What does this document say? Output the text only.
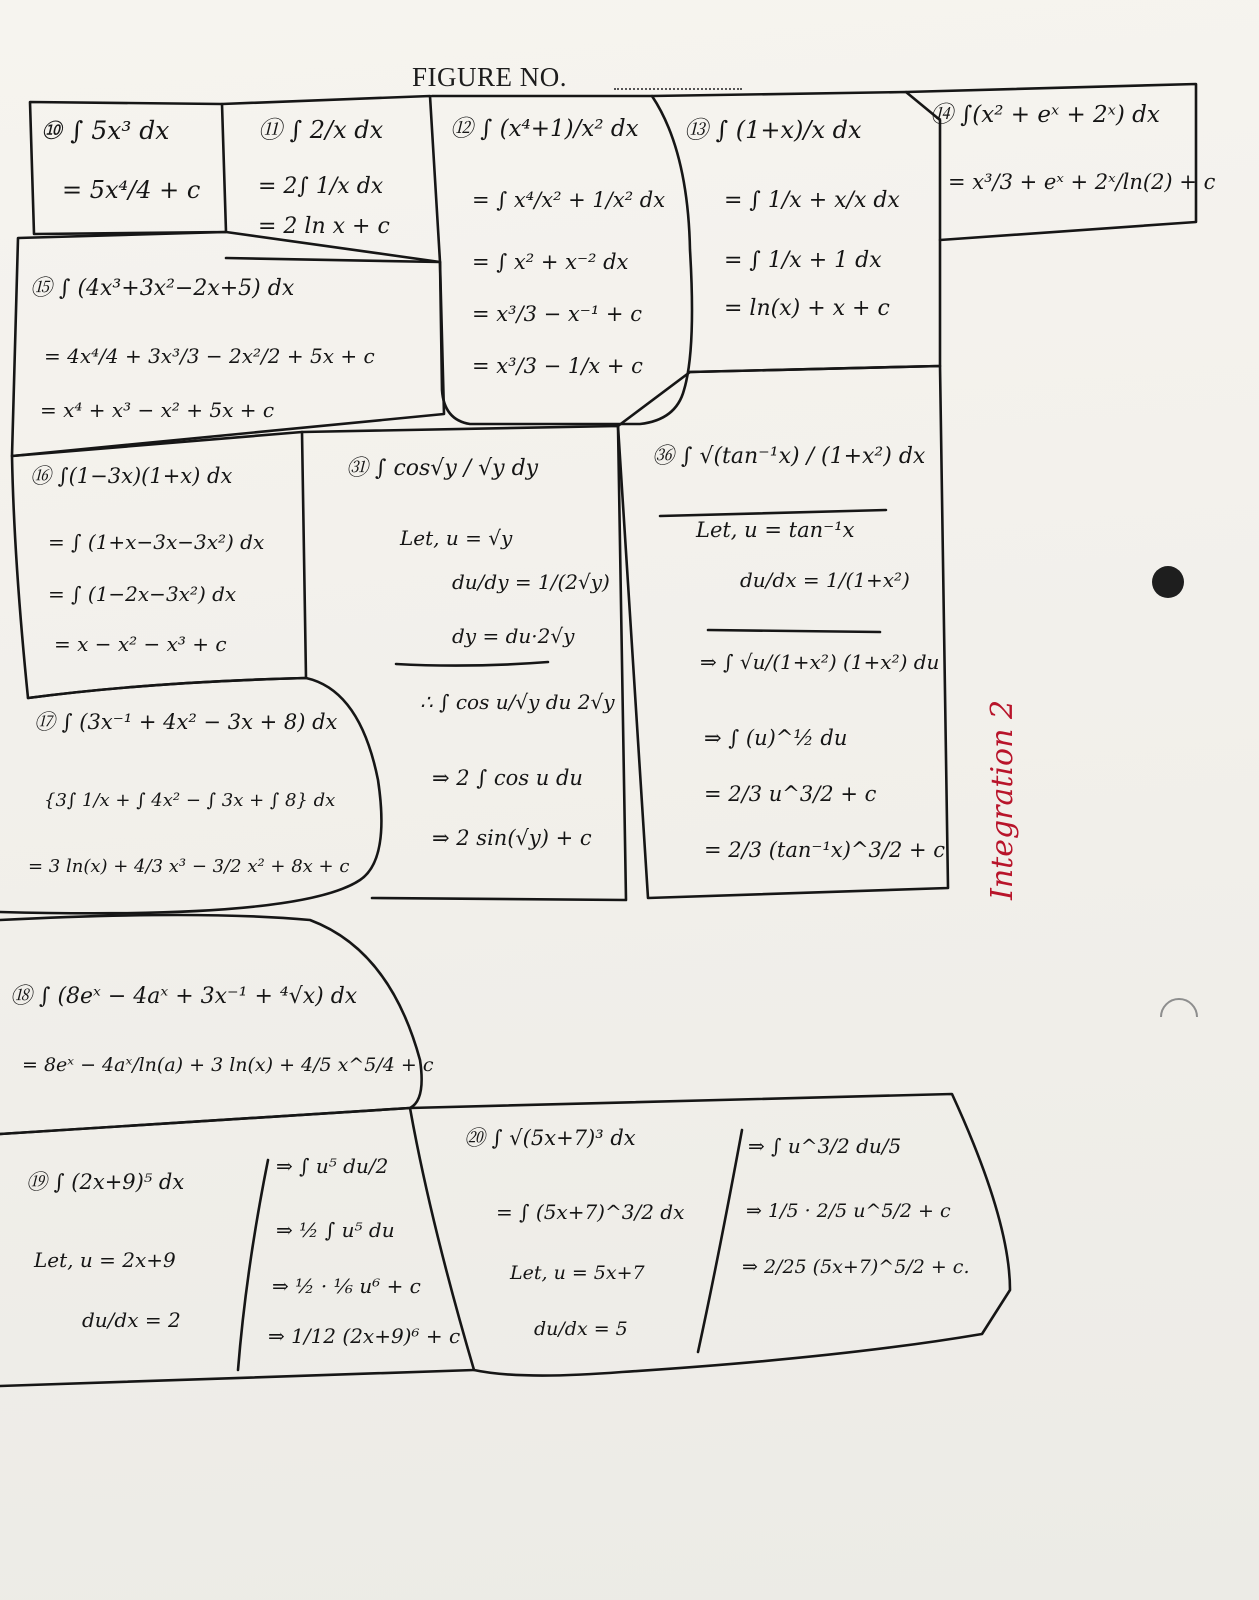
FIGURE NO.
⑩ ∫ 5x³ dx
= 5x⁴/4 + c
⑪ ∫ 2/x dx
= 2∫ 1/x dx
= 2 ln x + c
⑫ ∫ (x⁴+1)/x² dx
= ∫ x⁴/x² + 1/x² dx
= ∫ x² + x⁻² dx
= x³/3 − x⁻¹ + c
= x³/3 − 1/x + c
⑬ ∫ (1+x)/x dx
= ∫ 1/x + x/x dx
= ∫ 1/x + 1 dx
= ln(x) + x + c
⑭ ∫(x² + eˣ + 2ˣ) dx
= x³/3 + eˣ + 2ˣ/ln(2) + c
⑮ ∫ (4x³+3x²−2x+5) dx
= 4x⁴/4 + 3x³/3 − 2x²/2 + 5x + c
= x⁴ + x³ − x² + 5x + c
⑯ ∫(1−3x)(1+x) dx
= ∫ (1+x−3x−3x²) dx
= ∫ (1−2x−3x²) dx
= x − x² − x³ + c
㉛ ∫ cos√y / √y dy
Let, u = √y
du/dy = 1/(2√y)
dy = du·2√y
∴ ∫ cos u/√y du 2√y
⇒ 2 ∫ cos u du
⇒ 2 sin(√y) + c
㊱ ∫ √(tan⁻¹x) / (1+x²) dx
Let, u = tan⁻¹x
du/dx = 1/(1+x²)
⇒ ∫ √u/(1+x²) (1+x²) du
⇒ ∫ (u)^½ du
= 2/3 u^3/2 + c
= 2/3 (tan⁻¹x)^3/2 + c
⑰ ∫ (3x⁻¹ + 4x² − 3x + 8) dx
{3∫ 1/x + ∫ 4x² − ∫ 3x + ∫ 8} dx
= 3 ln(x) + 4/3 x³ − 3/2 x² + 8x + c
⑱ ∫ (8eˣ − 4aˣ + 3x⁻¹ + ⁴√x) dx
= 8eˣ − 4aˣ/ln(a) + 3 ln(x) + 4/5 x^5/4 + c
⑲ ∫ (2x+9)⁵ dx
Let, u = 2x+9
du/dx = 2
⇒ ∫ u⁵ du/2
⇒ ½ ∫ u⁵ du
⇒ ½ · ⅙ u⁶ + c
⇒ 1/12 (2x+9)⁶ + c
⑳ ∫ √(5x+7)³ dx
= ∫ (5x+7)^3/2 dx
Let, u = 5x+7
du/dx = 5
⇒ ∫ u^3/2 du/5
⇒ 1/5 · 2/5 u^5/2 + c
⇒ 2/25 (5x+7)^5/2 + c.
Integration 2
